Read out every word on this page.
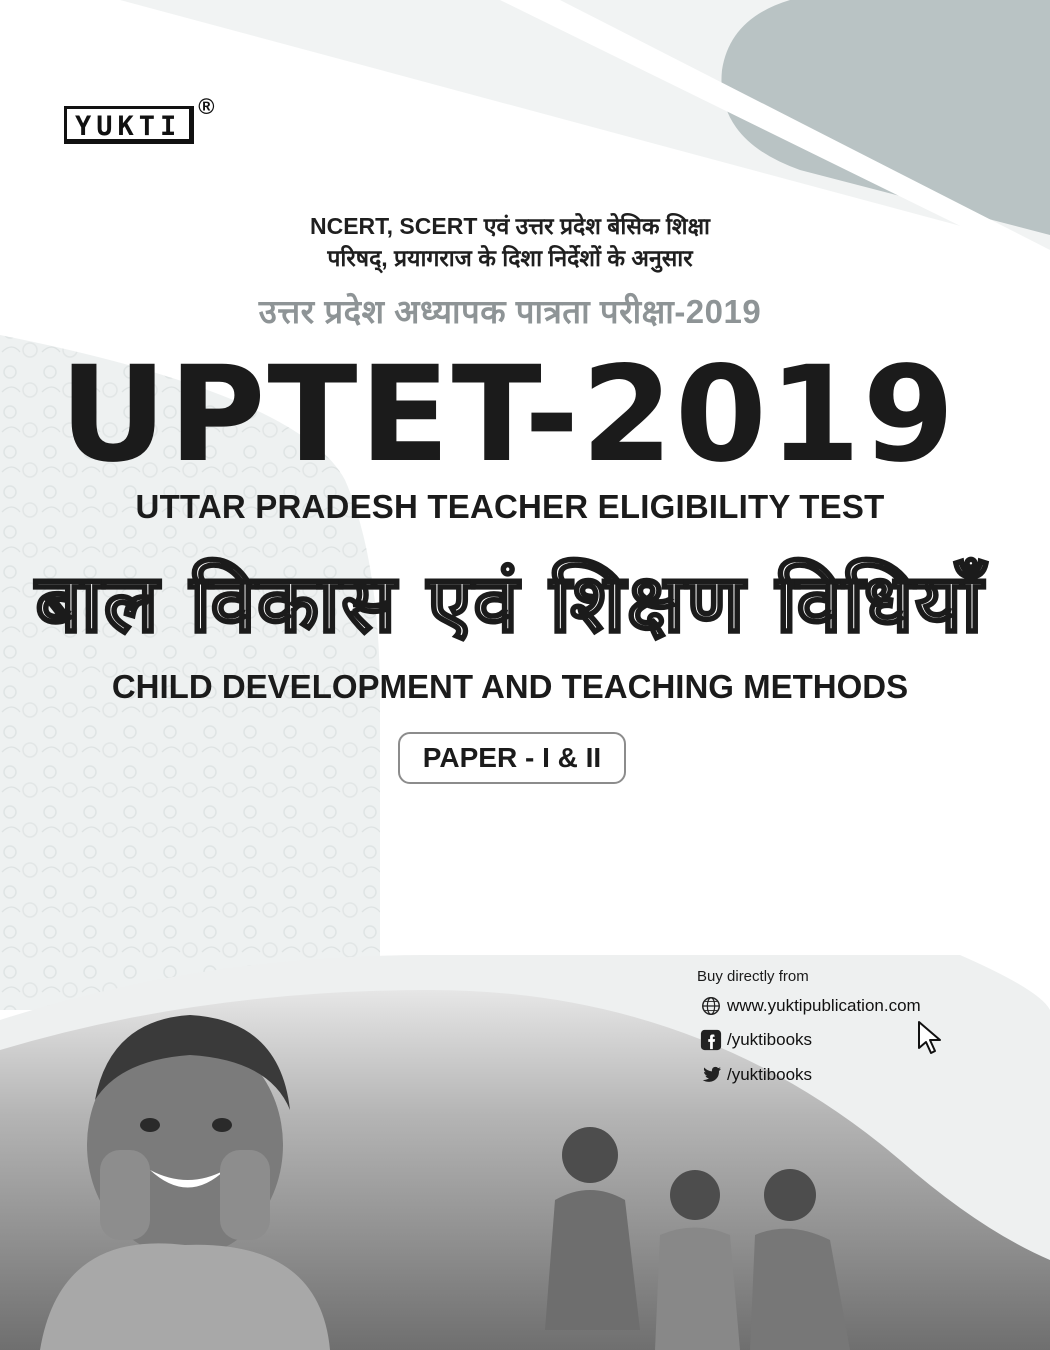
YUKTI
®
NCERT, SCERT एवं उत्तर प्रदेश बेसिक शिक्षा
परिषद्, प्रयागराज के दिशा निर्देशों के अनुसार
उत्तर प्रदेश अध्यापक पात्रता परीक्षा-2019
UPTET-2019
UTTAR PRADESH TEACHER ELIGIBILITY TEST
बाल विकास एवं शिक्षण विधियाँ
CHILD DEVELOPMENT AND TEACHING METHODS
PAPER - I & II
Buy directly from
www.yuktipublication.com
/yuktibooks
/yuktibooks
